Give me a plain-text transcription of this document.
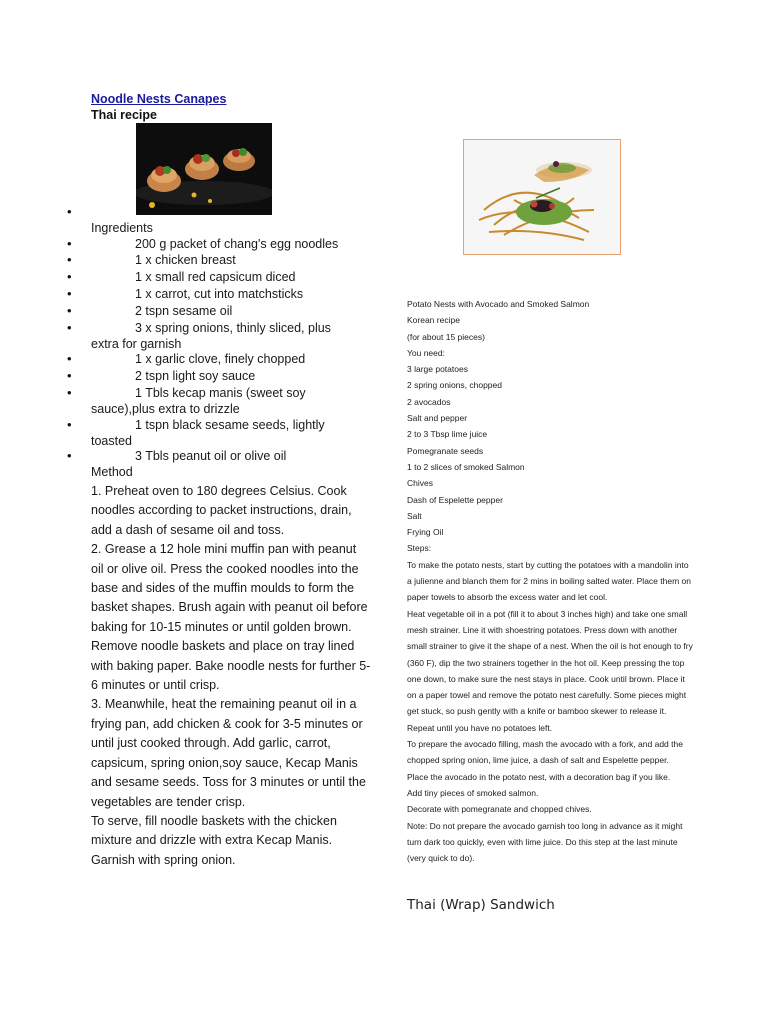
Noodle Nests Canapes
Thai recipe
•
Ingredients
•	200 g packet of chang's egg noodles
•	1 x chicken breast
•	1 x small red capsicum diced
•	1 x carrot, cut into matchsticks
•	2 tspn sesame oil
•	3 x spring onions, thinly sliced, plus
extra for garnish
•	1 x garlic clove, finely chopped
•	2 tspn light soy sauce
•	1 Tbls kecap manis (sweet soy
sauce),plus extra to drizzle
•	1 tspn black sesame seeds, lightly
toasted
•	3 Tbls peanut oil or olive oil
Method

1. Preheat oven to 180 degrees Celsius. Cook noodles according to packet instructions, drain, add a dash of sesame oil and toss.

2. Grease a 12 hole mini muffin pan with peanut oil or olive oil. Press the cooked noodles into the base and sides of the muffin moulds to form the basket shapes. Brush again with peanut oil before baking for 10-15 minutes or until golden brown. Remove noodle baskets and place on tray lined with baking paper. Bake noodle nests for further 5- 6 minutes or until crisp.

3. Meanwhile, heat the remaining peanut oil in a frying pan, add chicken & cook for 3-5 minutes or until just cooked through. Add garlic, carrot, capsicum, spring onion,soy sauce, Kecap Manis and sesame seeds. Toss for 3 minutes or until the vegetables are tender crisp.

To serve, fill noodle baskets with the chicken mixture and drizzle with extra Kecap Manis. Garnish with spring onion.

Potato Nests with Avocado and Smoked Salmon
Korean recipe
(for about 15 pieces)
You need:
3 large potatoes
2 spring onions, chopped
2 avocados
Salt and pepper
2 to 3 Tbsp lime juice
Pomegranate seeds
1 to 2 slices of smoked Salmon
Chives
Dash of Espelette pepper
Salt
Frying Oil
Steps:
To make the potato nests, start by cutting the potatoes with a mandolin into
a julienne and blanch them for 2 mins in boiling salted water. Place them on
paper towels to absorb the excess water and let cool.
Heat vegetable oil in a pot (fill it to about 3 inches high) and take one small
mesh strainer. Line it with shoestring potatoes. Press down with another
small strainer to give it the shape of a nest. When the oil is hot enough to fry
(360 F), dip the two strainers together in the hot oil. Keep pressing the top
one down, to make sure the nest stays in place. Cook until brown. Place it
on a paper towel and remove the potato nest carefully. Some pieces might
get stuck, so push gently with a knife or bamboo skewer to release it.
Repeat until you have no potatoes left.
To prepare the avocado filling, mash the avocado with a fork, and add the
chopped spring onion, lime juice, a dash of salt and Espelette pepper.
Place the avocado in the potato nest, with a decoration bag if you like.
Add tiny pieces of smoked salmon.
Decorate with pomegranate and chopped chives.
Note: Do not prepare the avocado garnish too long in advance as it might
turn dark too quickly, even with lime juice. Do this step at the last minute
(very quick to do).
Thai (Wrap) Sandwich
